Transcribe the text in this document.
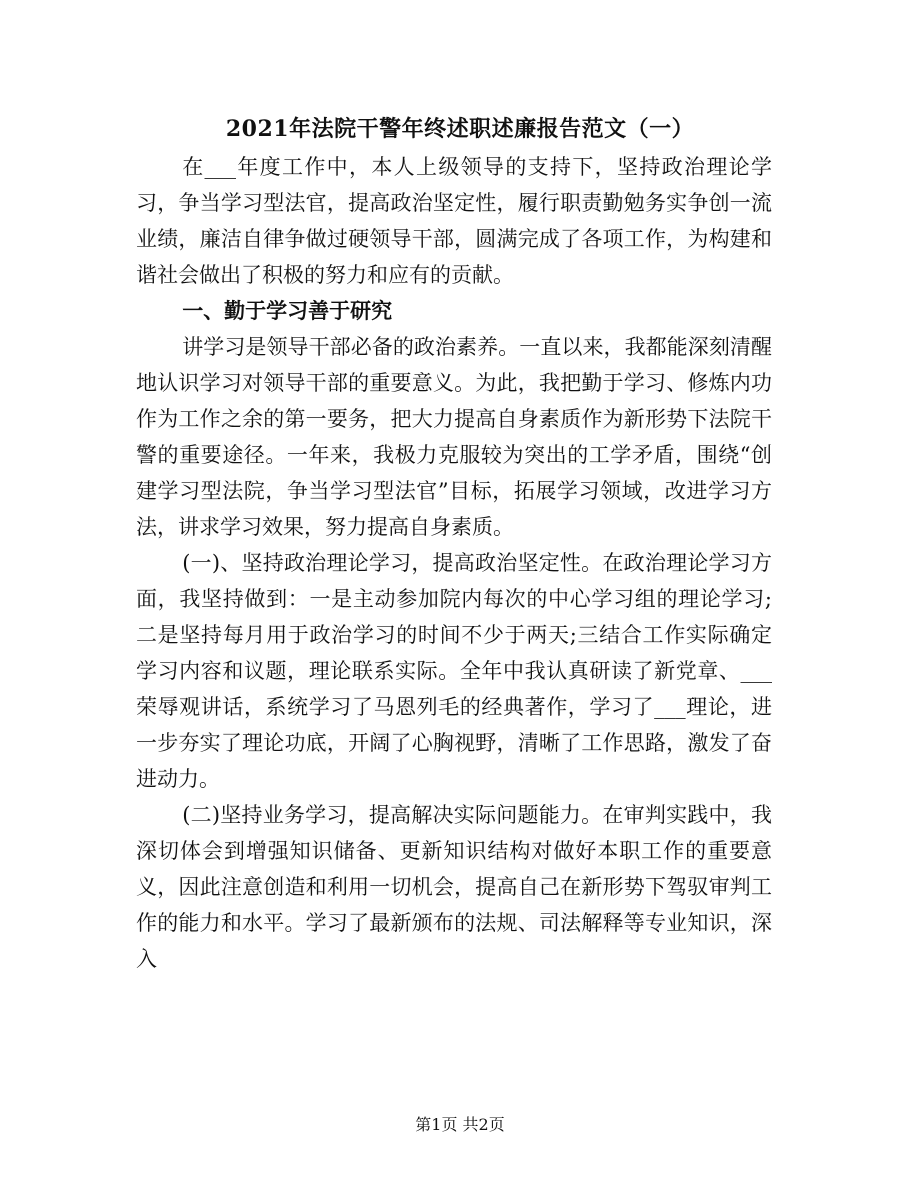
2021年法院干警年终述职述廉报告范文（一）

在___年度工作中，本人上级领导的支持下，坚持政治理论学习，争当学习型法官，提高政治坚定性，履行职责勤勉务实争创一流业绩，廉洁自律争做过硬领导干部，圆满完成了各项工作，为构建和谐社会做出了积极的努力和应有的贡献。

一、勤于学习善于研究

讲学习是领导干部必备的政治素养。一直以来，我都能深刻清醒地认识学习对领导干部的重要意义。为此，我把勤于学习、修炼内功作为工作之余的第一要务，把大力提高自身素质作为新形势下法院干警的重要途径。一年来，我极力克服较为突出的工学矛盾，围绕“创建学习型法院，争当学习型法官”目标，拓展学习领域，改进学习方法，讲求学习效果，努力提高自身素质。

(一)、坚持政治理论学习，提高政治坚定性。在政治理论学习方面，我坚持做到：一是主动参加院内每次的中心学习组的理论学习;二是坚持每月用于政治学习的时间不少于两天;三结合工作实际确定学习内容和议题，理论联系实际。全年中我认真研读了新党章、___荣辱观讲话，系统学习了马恩列毛的经典著作，学习了___理论，进一步夯实了理论功底，开阔了心胸视野，清晰了工作思路，激发了奋进动力。

(二)坚持业务学习，提高解决实际问题能力。在审判实践中，我深切体会到增强知识储备、更新知识结构对做好本职工作的重要意义，因此注意创造和利用一切机会，提高自己在新形势下驾驭审判工作的能力和水平。学习了最新颁布的法规、司法解释等专业知识，深入

第1页 共2页
